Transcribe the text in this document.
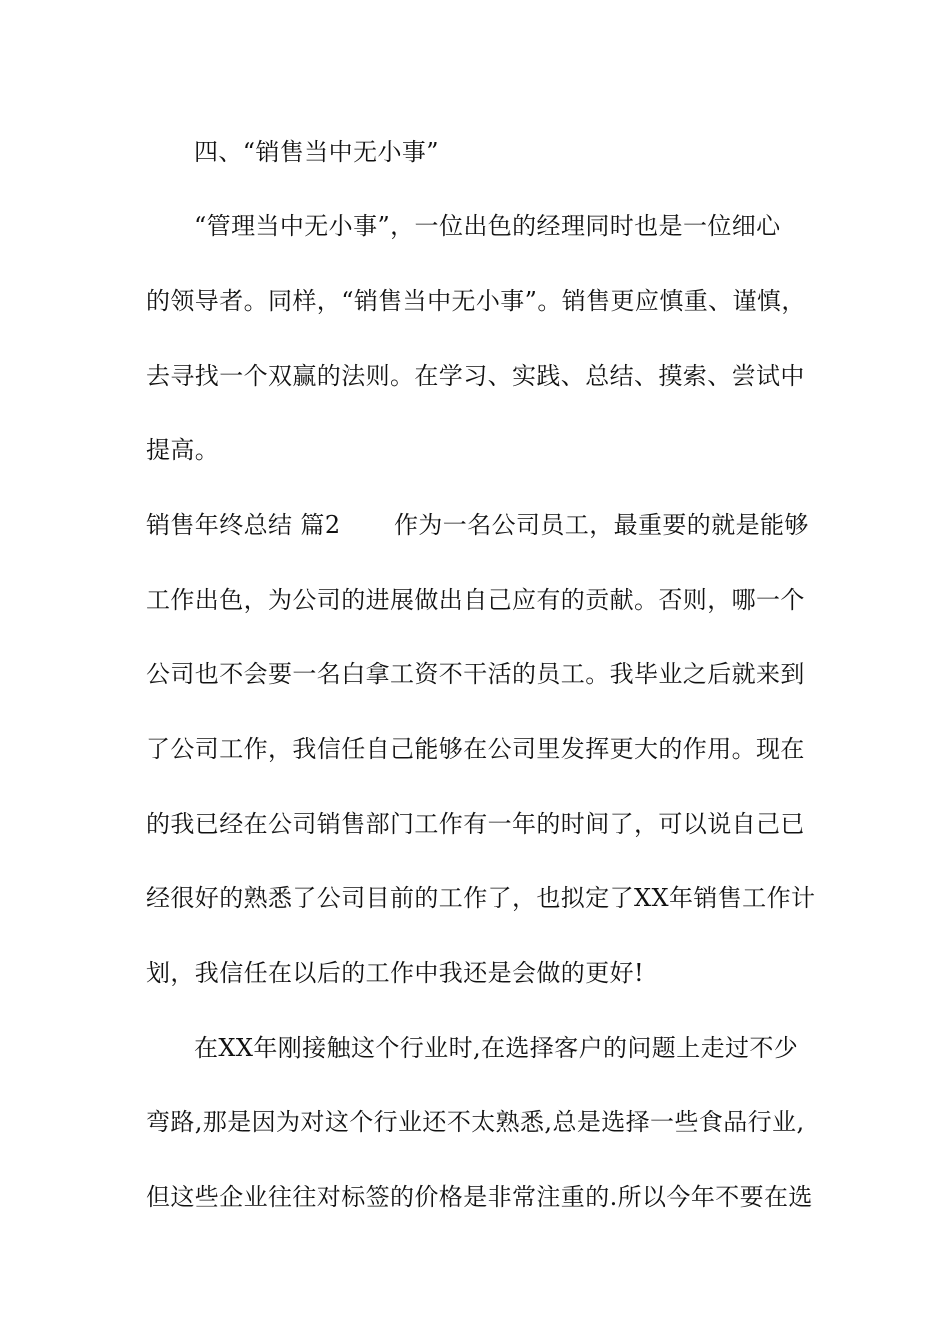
四、“销售当中无小事”
“管理当中无小事”，一位出色的经理同时也是一位细心
的领导者。同样，“销售当中无小事”。销售更应慎重、谨慎，
去寻找一个双赢的法则。在学习、实践、总结、摸索、尝试中
提高。
销售年终总结 篇2 作为一名公司员工，最重要的就是能够
工作出色，为公司的进展做出自己应有的贡献。否则，哪一个
公司也不会要一名白拿工资不干活的员工。我毕业之后就来到
了公司工作，我信任自己能够在公司里发挥更大的作用。现在
的我已经在公司销售部门工作有一年的时间了，可以说自己已
经很好的熟悉了公司目前的工作了，也拟定了XX年销售工作计
划，我信任在以后的工作中我还是会做的更好!
在XX年刚接触这个行业时,在选择客户的问题上走过不少
弯路,那是因为对这个行业还不太熟悉,总是选择一些食品行业,
但这些企业往往对标签的价格是非常注重的.所以今年不要在选
